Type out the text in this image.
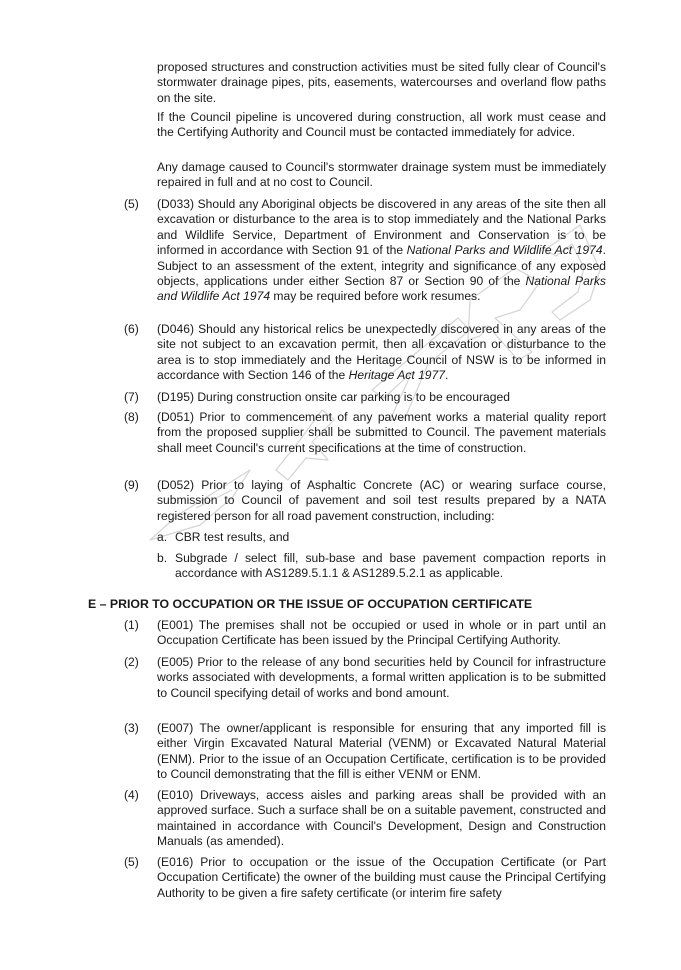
proposed structures and construction activities must be sited fully clear of Council's stormwater drainage pipes, pits, easements, watercourses and overland flow paths on the site.

If the Council pipeline is uncovered during construction, all work must cease and the Certifying Authority and Council must be contacted immediately for advice.

Any damage caused to Council's stormwater drainage system must be immediately repaired in full and at no cost to Council.

(5)	(D033) Should any Aboriginal objects be discovered in any areas of the site then all excavation or disturbance to the area is to stop immediately and the National Parks and Wildlife Service, Department of Environment and Conservation is to be informed in accordance with Section 91 of the National Parks and Wildlife Act 1974. Subject to an assessment of the extent, integrity and significance of any exposed objects, applications under either Section 87 or Section 90 of the National Parks and Wildlife Act 1974 may be required before work resumes.

(6)	(D046) Should any historical relics be unexpectedly discovered in any areas of the site not subject to an excavation permit, then all excavation or disturbance to the area is to stop immediately and the Heritage Council of NSW is to be informed in accordance with Section 146 of the Heritage Act 1977.

(7)	(D195) During construction onsite car parking is to be encouraged

(8)	(D051) Prior to commencement of any pavement works a material quality report from the proposed supplier shall be submitted to Council. The pavement materials shall meet Council's current specifications at the time of construction.

(9)	(D052) Prior to laying of Asphaltic Concrete (AC) or wearing surface course, submission to Council of pavement and soil test results prepared by a NATA registered person for all road pavement construction, including:

a. CBR test results, and

b. Subgrade / select fill, sub-base and base pavement compaction reports in accordance with AS1289.5.1.1 & AS1289.5.2.1 as applicable.

E – PRIOR TO OCCUPATION OR THE ISSUE OF OCCUPATION CERTIFICATE
(1)	(E001) The premises shall not be occupied or used in whole or in part until an Occupation Certificate has been issued by the Principal Certifying Authority.

(2)	(E005) Prior to the release of any bond securities held by Council for infrastructure works associated with developments, a formal written application is to be submitted to Council specifying detail of works and bond amount.

(3)	(E007) The owner/applicant is responsible for ensuring that any imported fill is either Virgin Excavated Natural Material (VENM) or Excavated Natural Material (ENM). Prior to the issue of an Occupation Certificate, certification is to be provided to Council demonstrating that the fill is either VENM or ENM.

(4)	(E010) Driveways, access aisles and parking areas shall be provided with an approved surface. Such a surface shall be on a suitable pavement, constructed and maintained in accordance with Council's Development, Design and Construction Manuals (as amended).

(5)	(E016) Prior to occupation or the issue of the Occupation Certificate (or Part Occupation Certificate) the owner of the building must cause the Principal Certifying Authority to be given a fire safety certificate (or interim fire safety
